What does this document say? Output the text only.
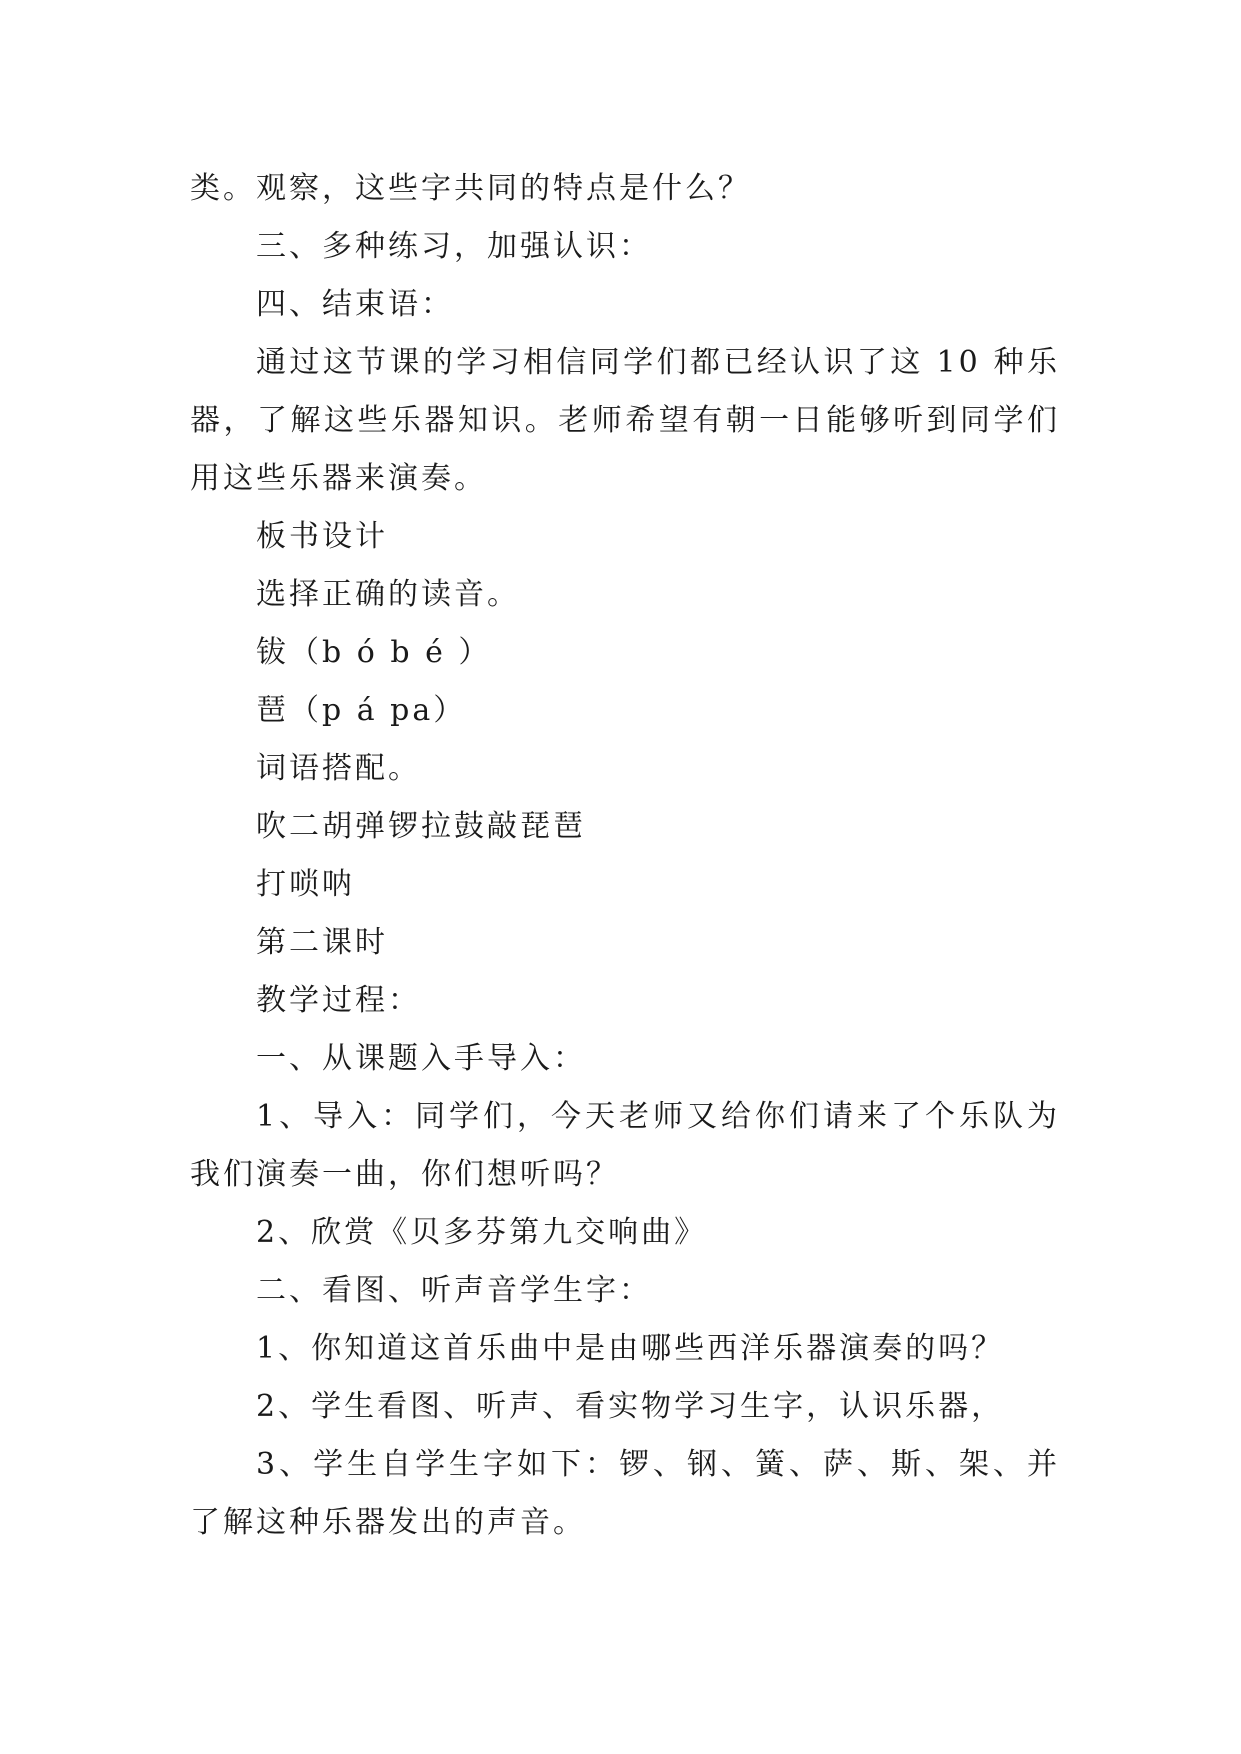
类。观察，这些字共同的特点是什么？

三、多种练习，加强认识：

四、结束语：

通过这节课的学习相信同学们都已经认识了这 10 种乐器，了解这些乐器知识。老师希望有朝一日能够听到同学们用这些乐器来演奏。

板书设计

选择正确的读音。

钹（b ó b é ）

琶（p á pa）

词语搭配。

吹二胡弹锣拉鼓敲琵琶

打唢呐

第二课时

教学过程：

一、从课题入手导入：

1、导入：同学们，今天老师又给你们请来了个乐队为我们演奏一曲，你们想听吗？

2、欣赏《贝多芬第九交响曲》

二、看图、听声音学生字：

1、你知道这首乐曲中是由哪些西洋乐器演奏的吗？

2、学生看图、听声、看实物学习生字，认识乐器，

3、学生自学生字如下：锣、钢、簧、萨、斯、架、并了解这种乐器发出的声音。
